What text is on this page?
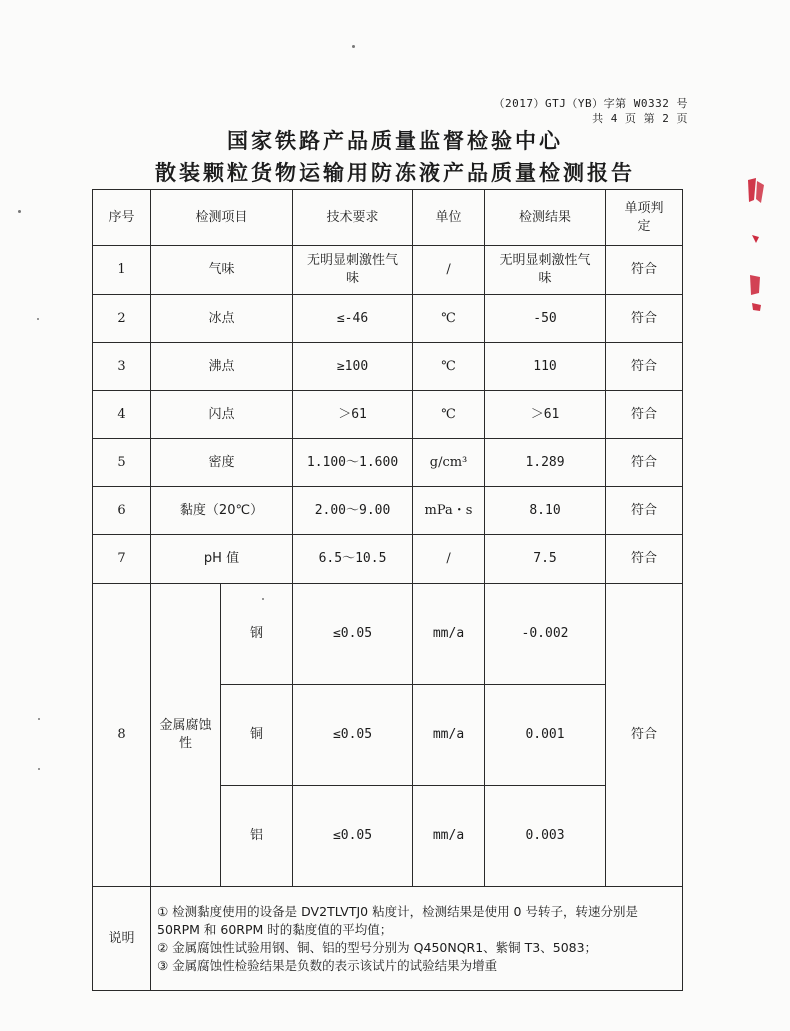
（2017）GTJ（YB）字第 W0332 号
共 4 页 第 2 页
国家铁路产品质量监督检验中心
散装颗粒货物运输用防冻液产品质量检测报告
序号	检测项目		技术要求	单位	检测结果	单项判定
1	气味		无明显刺激性气味	/	无明显刺激性气味	符合
2	冰点		≤-46	℃	-50	符合
3	沸点		≥100	℃	110	符合
4	闪点		＞61	℃	＞61	符合
5	密度		1.100～1.600	g/cm³	1.289	符合
6	黏度（20℃）		2.00～9.00	mPa・s	8.10	符合
7	pH 值		6.5～10.5	/	7.5	符合
8	金属腐蚀性	钢	≤0.05	mm/a	-0.002	符合
		铜	≤0.05	mm/a	0.001	
		铝	≤0.05	mm/a	0.003	
说明	① 检测黏度使用的设备是 DV2TLVTJ0 粘度计，检测结果是使用 0 号转子，转速分别是 50RPM 和 60RPM 时的黏度值的平均值；
② 金属腐蚀性试验用钢、铜、铝的型号分别为 Q450NQR1、紫铜 T3、5083；
③ 金属腐蚀性检验结果是负数的表示该试片的试验结果为增重					
